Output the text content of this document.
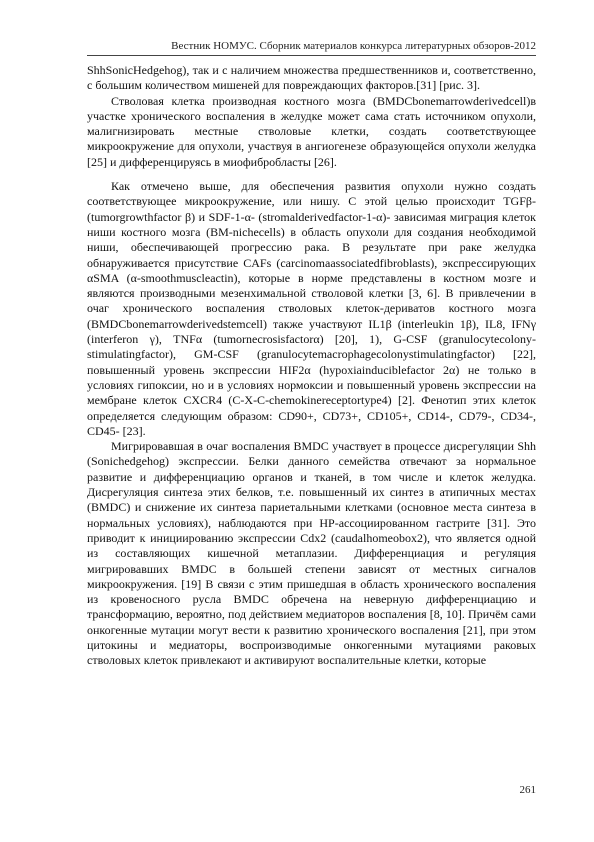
Вестник НОМУС. Сборник материалов конкурса литературных обзоров-2012

ShhSonicHedgehog), так и с наличием множества предшественников и, соответственно, с большим количеством мишеней для повреждающих факторов.[31] [рис. 3].

Стволовая клетка производная костного мозга (BMDCbonemarrowderivedcell)в участке хронического воспаления в желудке может сама стать источником опухоли, малигнизировать местные стволовые клетки, создать соответствующее микроокружение для опухоли, участвуя в ангиогенезе образующейся опухоли желудка [25] и дифференцируясь в миофибробласты [26].

Как отмечено выше, для обеспечения развития опухоли нужно создать соответствующее микроокружение, или нишу. С этой целью происходит TGFβ-(tumorgrowthfactor β) и SDF-1-α- (stromalderivedfactor-1-α)- зависимая миграция клеток ниши костного мозга (BM-nichecells) в область опухоли для создания необходимой ниши, обеспечивающей прогрессию рака. В результате при раке желудка обнаруживается присутствие CAFs (carcinomaassociatedfibroblasts), экспрессирующих αSMA (α-smoothmuscleactin), которые в норме представлены в костном мозге и являются производными мезенхимальной стволовой клетки [3, 6]. В привлечении в очаг хронического воспаления стволовых клеток-дериватов костного мозга (BMDCbonemarrowderivedstemcell) также участвуют IL1β (interleukin 1β), IL8, IFNγ (interferon γ), TNFα (tumornecrosisfactorα) [20], 1), G-CSF (granulocytecolony-stimulatingfactor), GM-CSF (granulocytemacrophagecolonystimulatingfactor) [22], повышенный уровень экспрессии HIF2α (hypoxiainduciblefactor 2α) не только в условиях гипоксии, но и в условиях нормоксии и повышенный уровень экспрессии на мембране клеток CXCR4 (C-X-C-chemokinereceptortype4) [2]. Фенотип этих клеток определяется следующим образом: CD90+, CD73+, CD105+, CD14-, CD79-, CD34-, CD45- [23].

Мигрировавшая в очаг воспаления BMDC участвует в процессе дисрегуляции Shh (Sonichedgehog) экспрессии. Белки данного семейства отвечают за нормальное развитие и дифференциацию органов и тканей, в том числе и клеток желудка. Дисрегуляция синтеза этих белков, т.е. повышенный их синтез в атипичных местах (BMDC) и снижение их синтеза париетальными клетками (основное места синтеза в нормальных условиях), наблюдаются при HP-ассоциированном гастрите [31]. Это приводит к инициированию экспрессии Cdx2 (caudalhomeobox2), что является одной из составляющих кишечной метаплазии. Дифференциация и регуляция мигрировавших BMDC в большей степени зависят от местных сигналов микроокружения. [19] В связи с этим пришедшая в область хронического воспаления из кровеносного русла BMDC обречена на неверную дифференциацию и трансформацию, вероятно, под действием медиаторов воспаления [8, 10]. Причём сами онкогенные мутации могут вести к развитию хронического воспаления [21], при этом цитокины и медиаторы, воспроизводимые онкогенными мутациями раковых стволовых клеток привлекают и активируют воспалительные клетки, которые

261
